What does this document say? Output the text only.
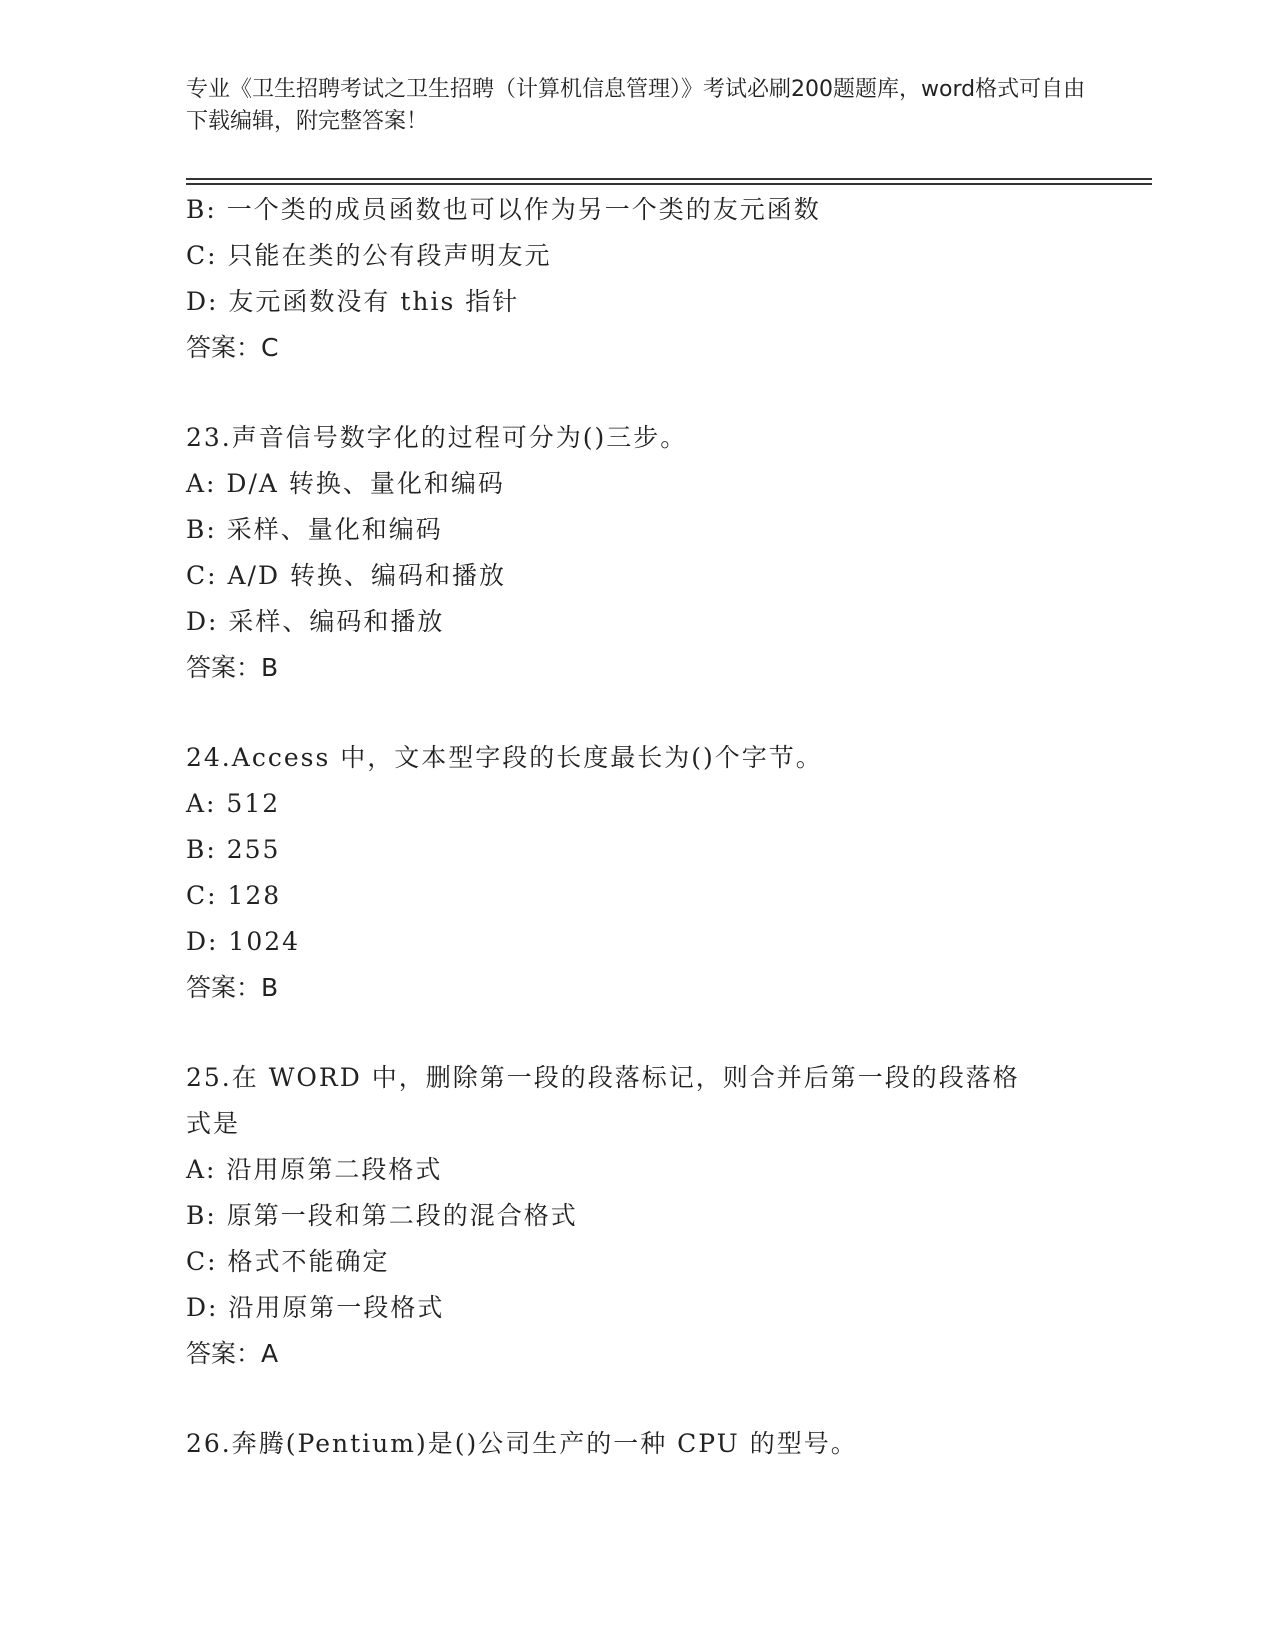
专业《卫生招聘考试之卫生招聘（计算机信息管理）》考试必刷200题题库，word格式可自由下载编辑，附完整答案！
B: 一个类的成员函数也可以作为另一个类的友元函数
C: 只能在类的公有段声明友元
D: 友元函数没有 this 指针
答案：C
23.声音信号数字化的过程可分为()三步。
A: D/A 转换、量化和编码
B: 采样、量化和编码
C: A/D 转换、编码和播放
D: 采样、编码和播放
答案：B
24.Access 中，文本型字段的长度最长为()个字节。
A: 512
B: 255
C: 128
D: 1024
答案：B
25.在 WORD 中，删除第一段的段落标记，则合并后第一段的段落格式是
A: 沿用原第二段格式
B: 原第一段和第二段的混合格式
C: 格式不能确定
D: 沿用原第一段格式
答案：A
26.奔腾(Pentium)是()公司生产的一种 CPU 的型号。
